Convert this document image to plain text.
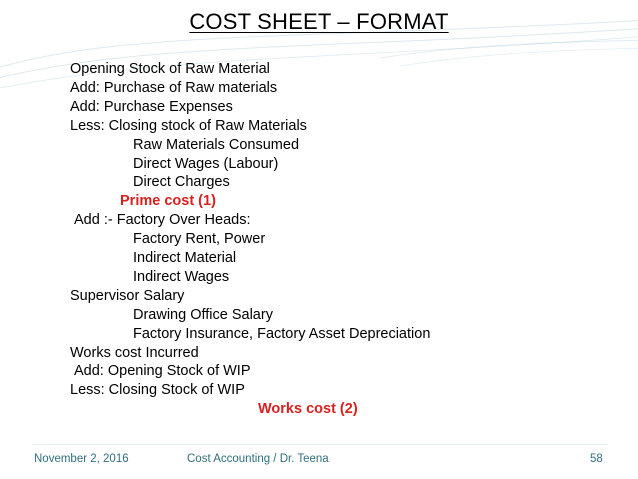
COST SHEET – FORMAT
Opening Stock of Raw Material
Add: Purchase of Raw materials
Add: Purchase Expenses
Less: Closing stock of Raw Materials
Raw Materials Consumed
Direct Wages (Labour)
Direct Charges
Prime cost (1)
Add :- Factory Over Heads:
Factory Rent, Power
Indirect Material
Indirect Wages
Supervisor Salary
Drawing Office Salary
Factory Insurance, Factory Asset Depreciation
Works cost Incurred
Add: Opening Stock of WIP
Less: Closing Stock of WIP
Works cost (2)
November 2, 2016	Cost Accounting / Dr. Teena	58
